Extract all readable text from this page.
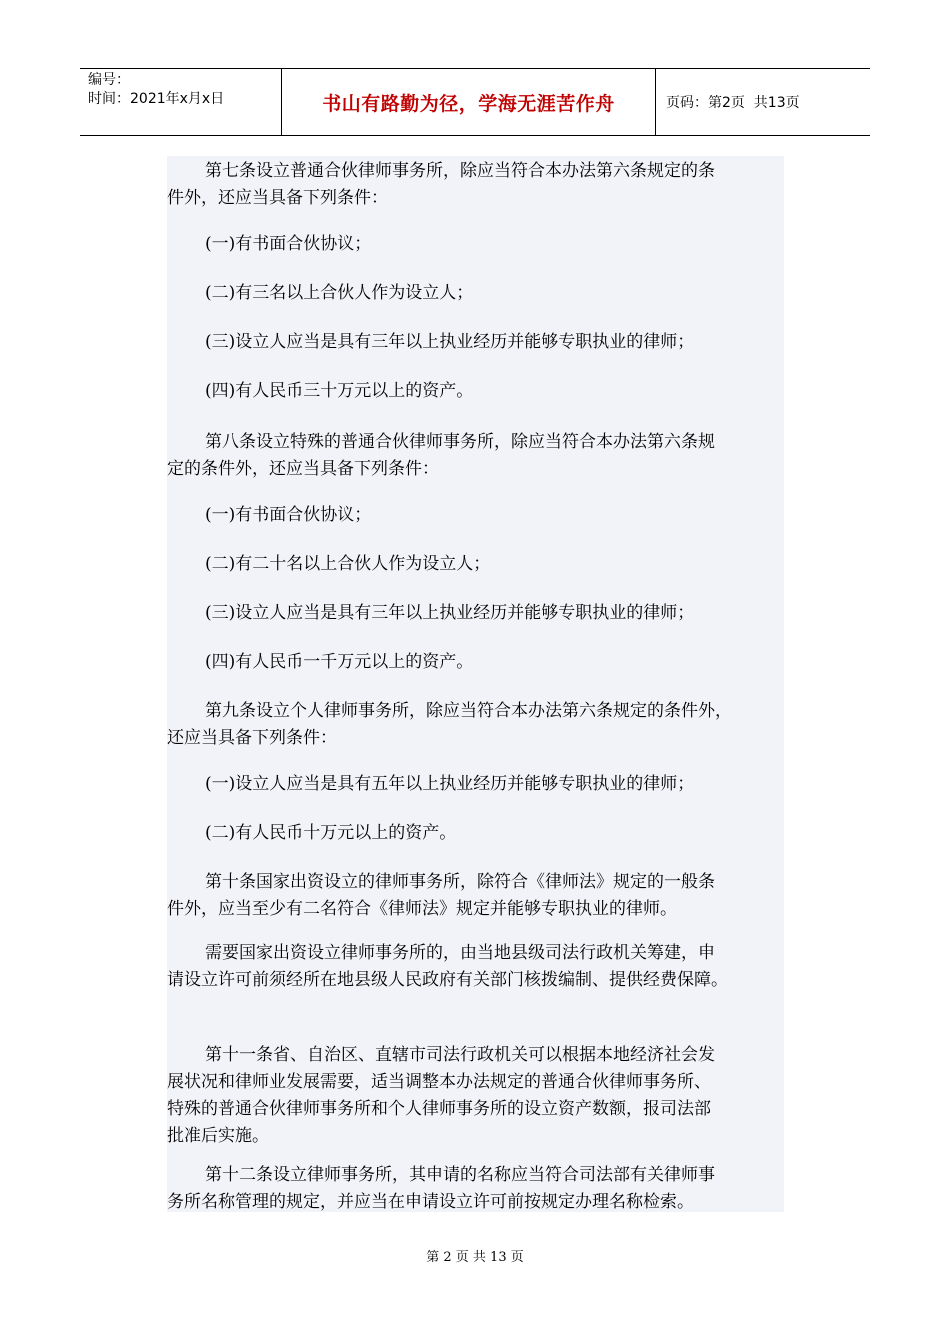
编号：
时间：2021年x月x日	书山有路勤为径，学海无涯苦作舟	页码：第2页  共13页
第七条设立普通合伙律师事务所，除应当符合本办法第六条规定的条
件外，还应当具备下列条件：
(一)有书面合伙协议；
(二)有三名以上合伙人作为设立人；
(三)设立人应当是具有三年以上执业经历并能够专职执业的律师；
(四)有人民币三十万元以上的资产。
第八条设立特殊的普通合伙律师事务所，除应当符合本办法第六条规
定的条件外，还应当具备下列条件：
(一)有书面合伙协议；
(二)有二十名以上合伙人作为设立人；
(三)设立人应当是具有三年以上执业经历并能够专职执业的律师；
(四)有人民币一千万元以上的资产。
第九条设立个人律师事务所，除应当符合本办法第六条规定的条件外，
还应当具备下列条件：
(一)设立人应当是具有五年以上执业经历并能够专职执业的律师；
(二)有人民币十万元以上的资产。
第十条国家出资设立的律师事务所，除符合《律师法》规定的一般条
件外，应当至少有二名符合《律师法》规定并能够专职执业的律师。
需要国家出资设立律师事务所的，由当地县级司法行政机关筹建，申
请设立许可前须经所在地县级人民政府有关部门核拨编制、提供经费保障。
第十一条省、自治区、直辖市司法行政机关可以根据本地经济社会发
展状况和律师业发展需要，适当调整本办法规定的普通合伙律师事务所、
特殊的普通合伙律师事务所和个人律师事务所的设立资产数额，报司法部
批准后实施。
第十二条设立律师事务所，其申请的名称应当符合司法部有关律师事
务所名称管理的规定，并应当在申请设立许可前按规定办理名称检索。
第 2 页 共 13 页
